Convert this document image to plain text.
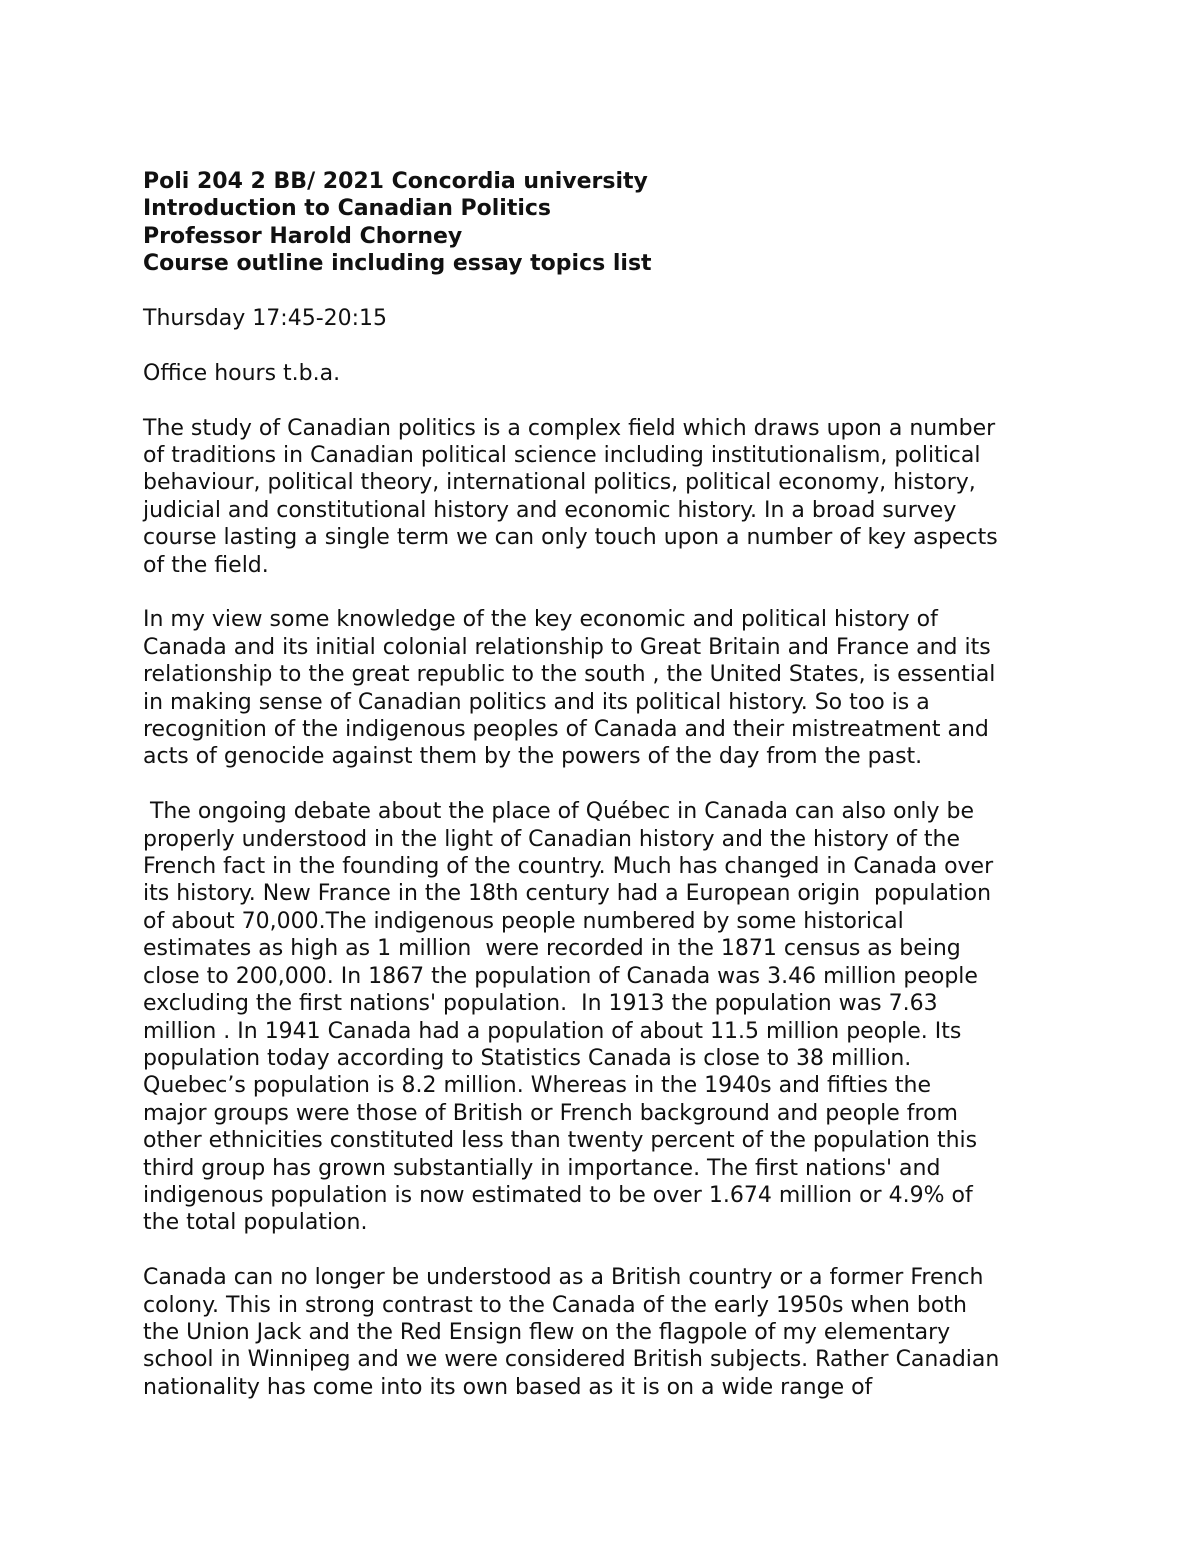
Poli 204 2 BB/ 2021 Concordia university
Introduction to Canadian Politics
Professor Harold Chorney
Course outline including essay topics list
Thursday 17:45-20:15
Office hours t.b.a.
The study of Canadian politics is a complex field which draws upon a number
of traditions in Canadian political science including institutionalism, political
behaviour, political theory, international politics, political economy, history,
judicial and constitutional history and economic history. In a broad survey
course lasting a single term we can only touch upon a number of key aspects
of the field.
In my view some knowledge of the key economic and political history of
Canada and its initial colonial relationship to Great Britain and France and its
relationship to the great republic to the south , the United States, is essential
in making sense of Canadian politics and its political history. So too is a
recognition of the indigenous peoples of Canada and their mistreatment and
acts of genocide against them by the powers of the day from the past.
The ongoing debate about the place of Québec in Canada can also only be
properly understood in the light of Canadian history and the history of the
French fact in the founding of the country. Much has changed in Canada over
its history. New France in the 18th century had a European origin  population
of about 70,000.The indigenous people numbered by some historical
estimates as high as 1 million  were recorded in the 1871 census as being
close to 200,000. In 1867 the population of Canada was 3.46 million people
excluding the first nations' population.  In 1913 the population was 7.63
million . In 1941 Canada had a population of about 11.5 million people. Its
population today according to Statistics Canada is close to 38 million.
Quebec’s population is 8.2 million. Whereas in the 1940s and fifties the
major groups were those of British or French background and people from
other ethnicities constituted less than twenty percent of the population this
third group has grown substantially in importance. The first nations' and
indigenous population is now estimated to be over 1.674 million or 4.9% of
the total population.
Canada can no longer be understood as a British country or a former French
colony. This in strong contrast to the Canada of the early 1950s when both
the Union Jack and the Red Ensign flew on the flagpole of my elementary
school in Winnipeg and we were considered British subjects. Rather Canadian
nationality has come into its own based as it is on a wide range of
